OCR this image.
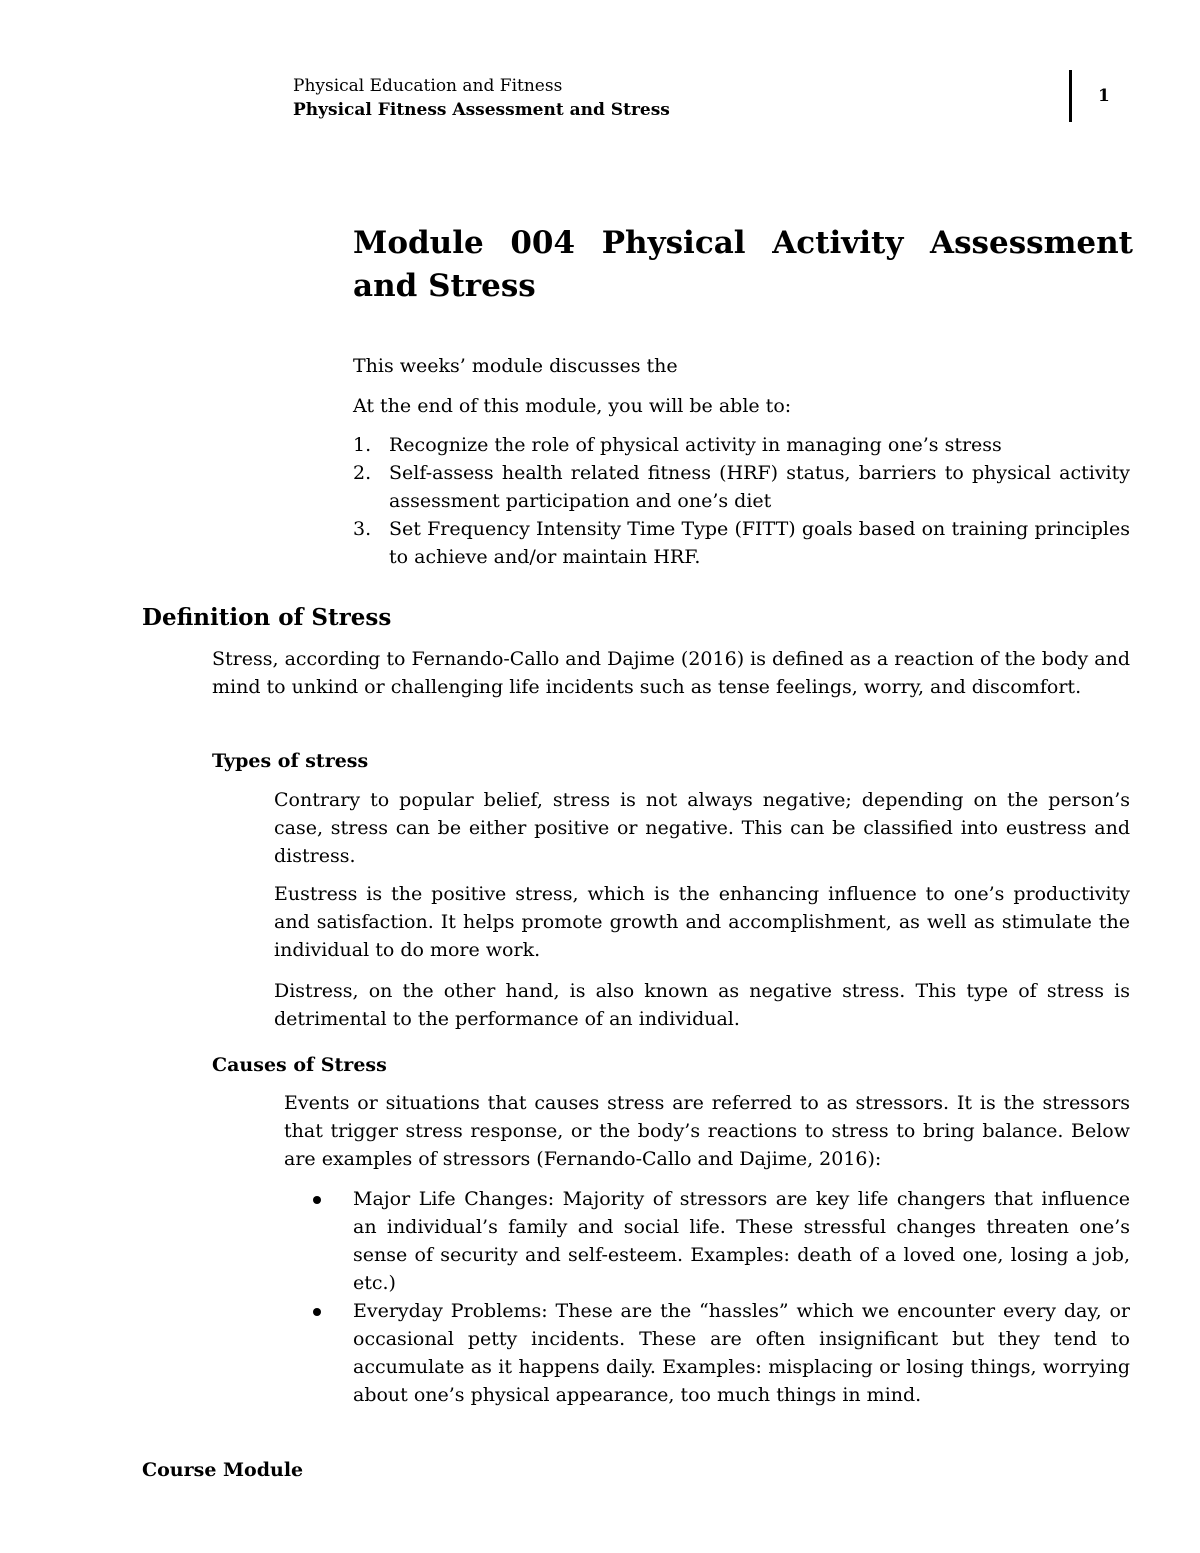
Physical Education and Fitness
Physical Fitness Assessment and Stress
1
Module 004 Physical Activity Assessment and Stress

This weeks’ module discusses the

At the end of this module, you will be able to:

1. Recognize the role of physical activity in managing one’s stress
2. Self-assess health related fitness (HRF) status, barriers to physical activity assessment participation and one’s diet
3. Set Frequency Intensity Time Type (FITT) goals based on training principles to achieve and/or maintain HRF.
Definition of Stress

Stress, according to Fernando-Callo and Dajime (2016) is defined as a reaction of the body and mind to unkind or challenging life incidents such as tense feelings, worry, and discomfort.

Types of stress

Contrary to popular belief, stress is not always negative; depending on the person’s case, stress can be either positive or negative. This can be classified into eustress and distress.

Eustress is the positive stress, which is the enhancing influence to one’s productivity and satisfaction. It helps promote growth and accomplishment, as well as stimulate the individual to do more work.

Distress, on the other hand, is also known as negative stress. This type of stress is detrimental to the performance of an individual.

Causes of Stress

Events or situations that causes stress are referred to as stressors. It is the stressors that trigger stress response, or the body’s reactions to stress to bring balance. Below are examples of stressors (Fernando-Callo and Dajime, 2016):

Major Life Changes: Majority of stressors are key life changers that influence an individual’s family and social life. These stressful changes threaten one’s sense of security and self-esteem. Examples: death of a loved one, losing a job, etc.)
Everyday Problems: These are the “hassles” which we encounter every day, or occasional petty incidents. These are often insignificant but they tend to accumulate as it happens daily. Examples: misplacing or losing things, worrying about one’s physical appearance, too much things in mind.

Course Module
